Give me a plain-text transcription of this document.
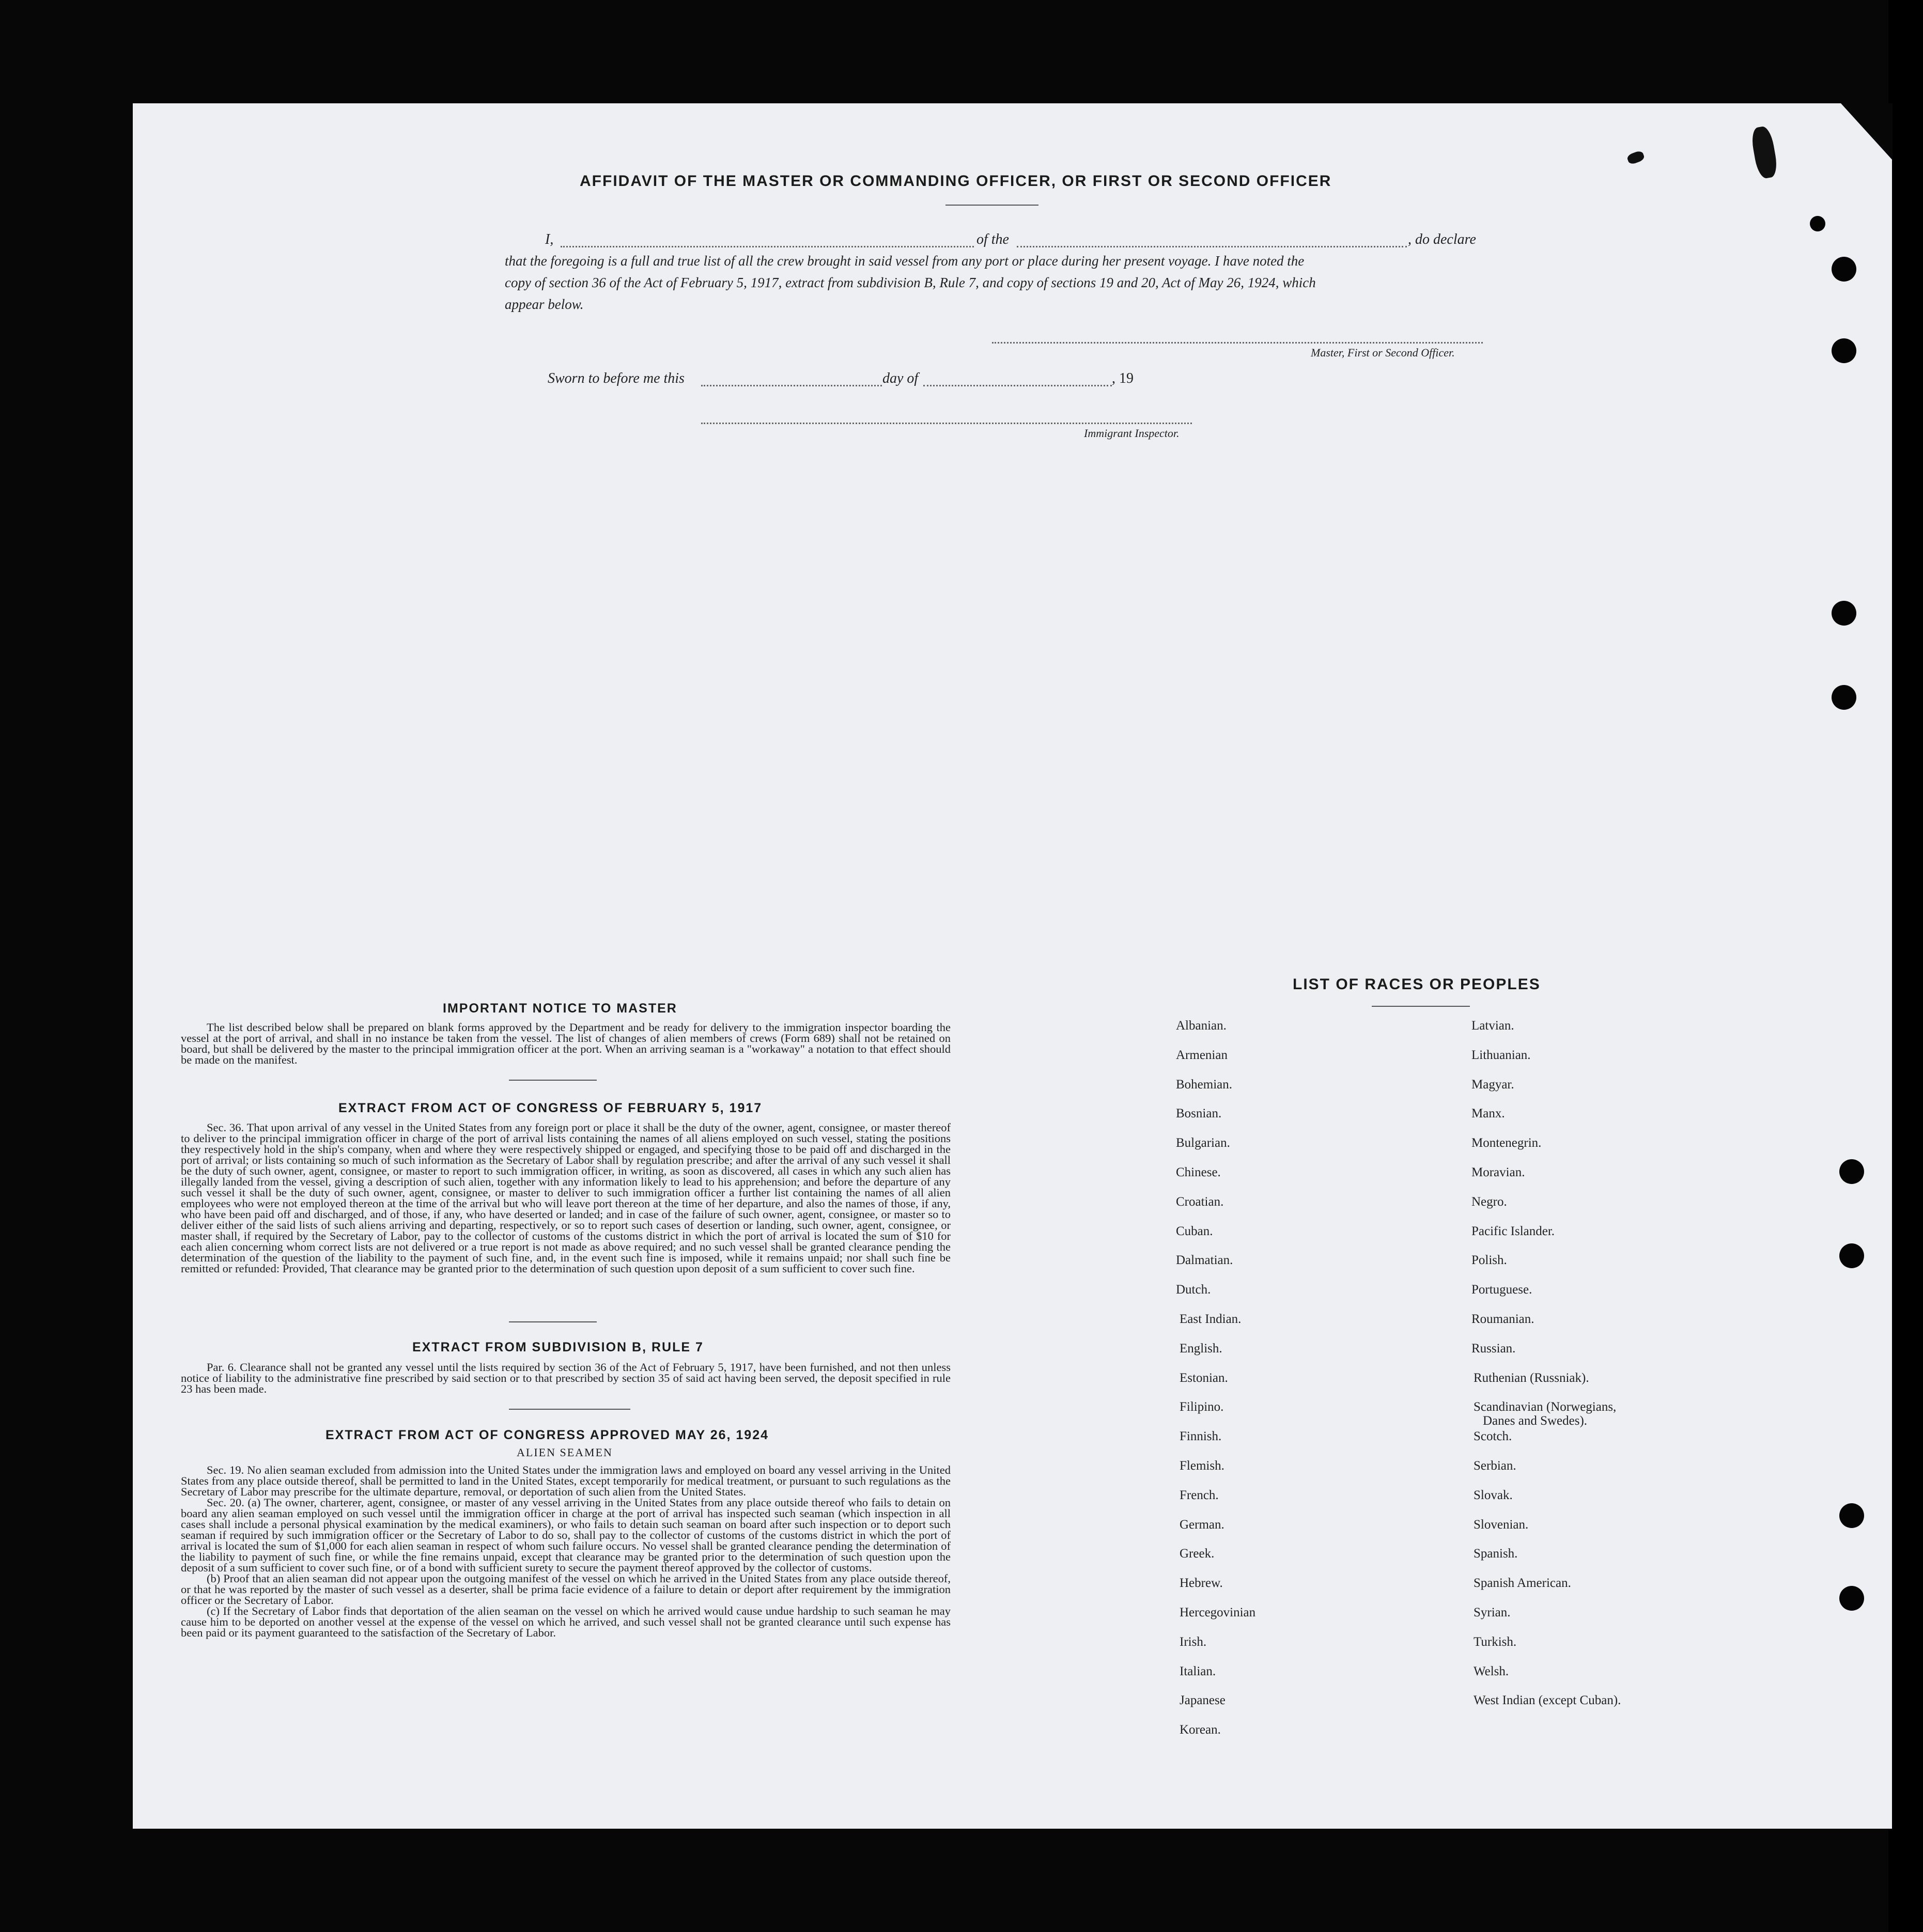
AFFIDAVIT OF THE MASTER OR COMMANDING OFFICER, OR FIRST OR SECOND OFFICER
I,	of the	, do declare
that the foregoing is a full and true list of all the crew brought in said vessel from any port or place during her present voyage. I have noted the
copy of section 36 of the Act of February 5, 1917, extract from subdivision B, Rule 7, and copy of sections 19 and 20, Act of May 26, 1924, which
appear below.
Master, First or Second Officer.
Sworn to before me this	day of	, 19
Immigrant Inspector.
IMPORTANT NOTICE TO MASTER
The list described below shall be prepared on blank forms approved by the Department and be ready for delivery to the immigration inspector boarding the vessel at the port of arrival, and shall in no instance be taken from the vessel. The list of changes of alien members of crews (Form 689) shall not be retained on board, but shall be delivered by the master to the principal immigration officer at the port. When an arriving seaman is a "workaway" a notation to that effect should be made on the manifest.
EXTRACT FROM ACT OF CONGRESS OF FEBRUARY 5, 1917
Sec. 36. That upon arrival of any vessel in the United States from any foreign port or place it shall be the duty of the owner, agent, consignee, or master thereof to deliver to the principal immigration officer in charge of the port of arrival lists containing the names of all aliens employed on such vessel, stating the positions they respectively hold in the ship's company, when and where they were respectively shipped or engaged, and specifying those to be paid off and discharged in the port of arrival; or lists containing so much of such information as the Secretary of Labor shall by regulation prescribe; and after the arrival of any such vessel it shall be the duty of such owner, agent, consignee, or master to report to such immigration officer, in writing, as soon as discovered, all cases in which any such alien has illegally landed from the vessel, giving a description of such alien, together with any information likely to lead to his apprehension; and before the departure of any such vessel it shall be the duty of such owner, agent, consignee, or master to deliver to such immigration officer a further list containing the names of all alien employees who were not employed thereon at the time of the arrival but who will leave port thereon at the time of her departure, and also the names of those, if any, who have been paid off and discharged, and of those, if any, who have deserted or landed; and in case of the failure of such owner, agent, consignee, or master so to deliver either of the said lists of such aliens arriving and departing, respectively, or so to report such cases of desertion or landing, such owner, agent, consignee, or master shall, if required by the Secretary of Labor, pay to the collector of customs of the customs district in which the port of arrival is located the sum of $10 for each alien concerning whom correct lists are not delivered or a true report is not made as above required; and no such vessel shall be granted clearance pending the determination of the question of the liability to the payment of such fine, and, in the event such fine is imposed, while it remains unpaid; nor shall such fine be remitted or refunded: Provided, That clearance may be granted prior to the determination of such question upon deposit of a sum sufficient to cover such fine.
EXTRACT FROM SUBDIVISION B, RULE 7
Par. 6. Clearance shall not be granted any vessel until the lists required by section 36 of the Act of February 5, 1917, have been furnished, and not then unless notice of liability to the administrative fine prescribed by said section or to that prescribed by section 35 of said act having been served, the deposit specified in rule 23 has been made.
EXTRACT FROM ACT OF CONGRESS APPROVED MAY 26, 1924
ALIEN SEAMEN
Sec. 19. No alien seaman excluded from admission into the United States under the immigration laws and employed on board any vessel arriving in the United States from any place outside thereof, shall be permitted to land in the United States, except temporarily for medical treatment, or pursuant to such regulations as the Secretary of Labor may prescribe for the ultimate departure, removal, or deportation of such alien from the United States.
Sec. 20. (a) The owner, charterer, agent, consignee, or master of any vessel arriving in the United States from any place outside thereof who fails to detain on board any alien seaman employed on such vessel until the immigration officer in charge at the port of arrival has inspected such seaman (which inspection in all cases shall include a personal physical examination by the medical examiners), or who fails to detain such seaman on board after such inspection or to deport such seaman if required by such immigration officer or the Secretary of Labor to do so, shall pay to the collector of customs of the customs district in which the port of arrival is located the sum of $1,000 for each alien seaman in respect of whom such failure occurs. No vessel shall be granted clearance pending the determination of the liability to payment of such fine, or while the fine remains unpaid, except that clearance may be granted prior to the determination of such question upon the deposit of a sum sufficient to cover such fine, or of a bond with sufficient surety to secure the payment thereof approved by the collector of customs.
(b) Proof that an alien seaman did not appear upon the outgoing manifest of the vessel on which he arrived in the United States from any place outside thereof, or that he was reported by the master of such vessel as a deserter, shall be prima facie evidence of a failure to detain or deport after requirement by the immigration officer or the Secretary of Labor.
(c) If the Secretary of Labor finds that deportation of the alien seaman on the vessel on which he arrived would cause undue hardship to such seaman he may cause him to be deported on another vessel at the expense of the vessel on which he arrived, and such vessel shall not be granted clearance until such expense has been paid or its payment guaranteed to the satisfaction of the Secretary of Labor.
LIST OF RACES OR PEOPLES
Albanian.
Armenian
Bohemian.
Bosnian.
Bulgarian.
Chinese.
Croatian.
Cuban.
Dalmatian.
Dutch.
East Indian.
English.
Estonian.
Filipino.
Finnish.
Flemish.
French.
German.
Greek.
Hebrew.
Hercegovinian
Irish.
Italian.
Japanese
Korean.
Latvian.
Lithuanian.
Magyar.
Manx.
Montenegrin.
Moravian.
Negro.
Pacific Islander.
Polish.
Portuguese.
Roumanian.
Russian.
Ruthenian (Russniak).
Scandinavian (Norwegians,
Danes and Swedes).
Scotch.
Serbian.
Slovak.
Slovenian.
Spanish.
Spanish American.
Syrian.
Turkish.
Welsh.
West Indian (except Cuban).
